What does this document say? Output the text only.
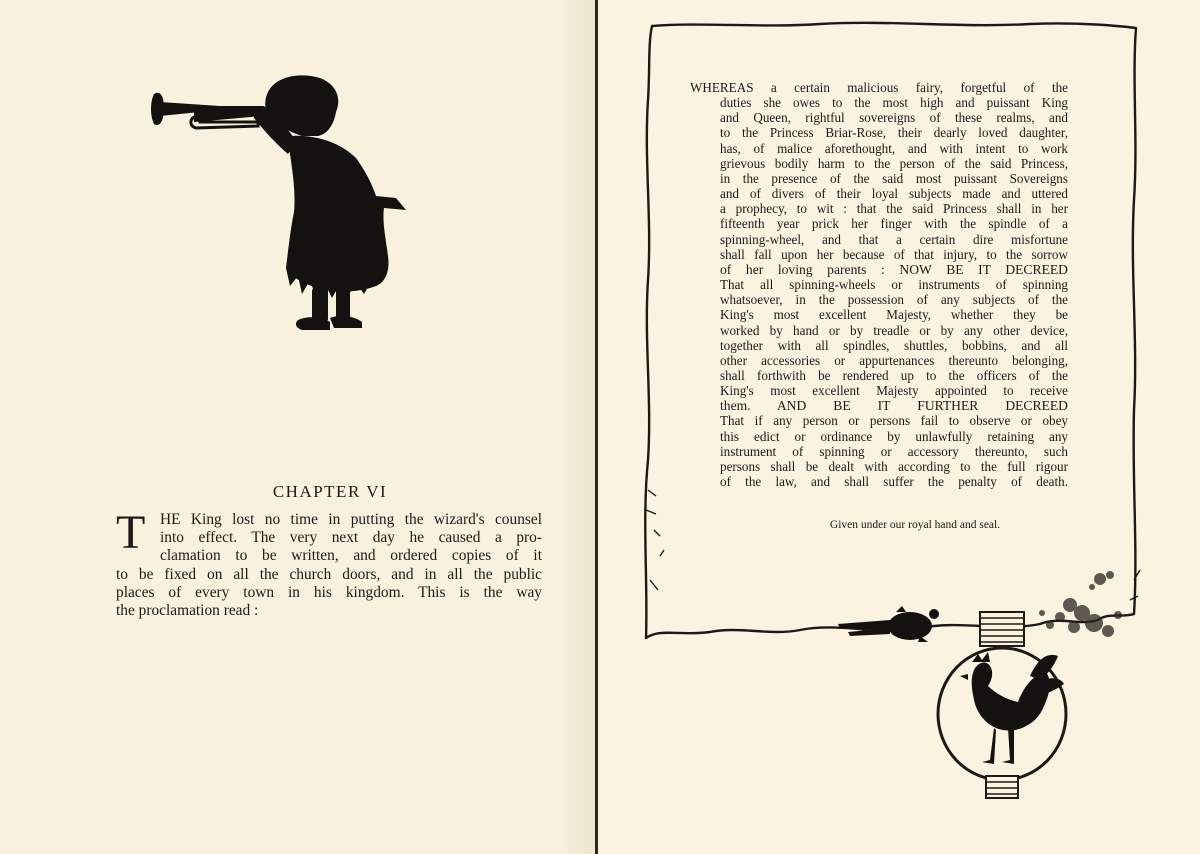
CHAPTER VI
T HE King lost no time in putting the wizard's counsel
into effect. The very next day he caused a pro-
clamation to be written, and ordered copies of it
to be fixed on all the church doors, and in all the public
places of every town in his kingdom. This is the way
the proclamation read :
WHEREAS a certain malicious fairy, forgetful of the
duties she owes to the most high and puissant King
and Queen, rightful sovereigns of these realms, and
to the Princess Briar-Rose, their dearly loved daughter,
has, of malice aforethought, and with intent to work
grievous bodily harm to the person of the said Princess,
in the presence of the said most puissant Sovereigns
and of divers of their loyal subjects made and uttered
a prophecy, to wit : that the said Princess shall in her
fifteenth year prick her finger with the spindle of a
spinning-wheel, and that a certain dire misfortune
shall fall upon her because of that injury, to the sorrow
of her loving parents : NOW BE IT DECREED
That all spinning-wheels or instruments of spinning
whatsoever, in the possession of any subjects of the
King's most excellent Majesty, whether they be
worked by hand or by treadle or by any other device,
together with all spindles, shuttles, bobbins, and all
other accessories or appurtenances thereunto belonging,
shall forthwith be rendered up to the officers of the
King's most excellent Majesty appointed to receive
them. AND BE IT FURTHER DECREED
That if any person or persons fail to observe or obey
this edict or ordinance by unlawfully retaining any
instrument of spinning or accessory thereunto, such
persons shall be dealt with according to the full rigour
of the law, and shall suffer the penalty of death.
Given under our royal hand and seal.
